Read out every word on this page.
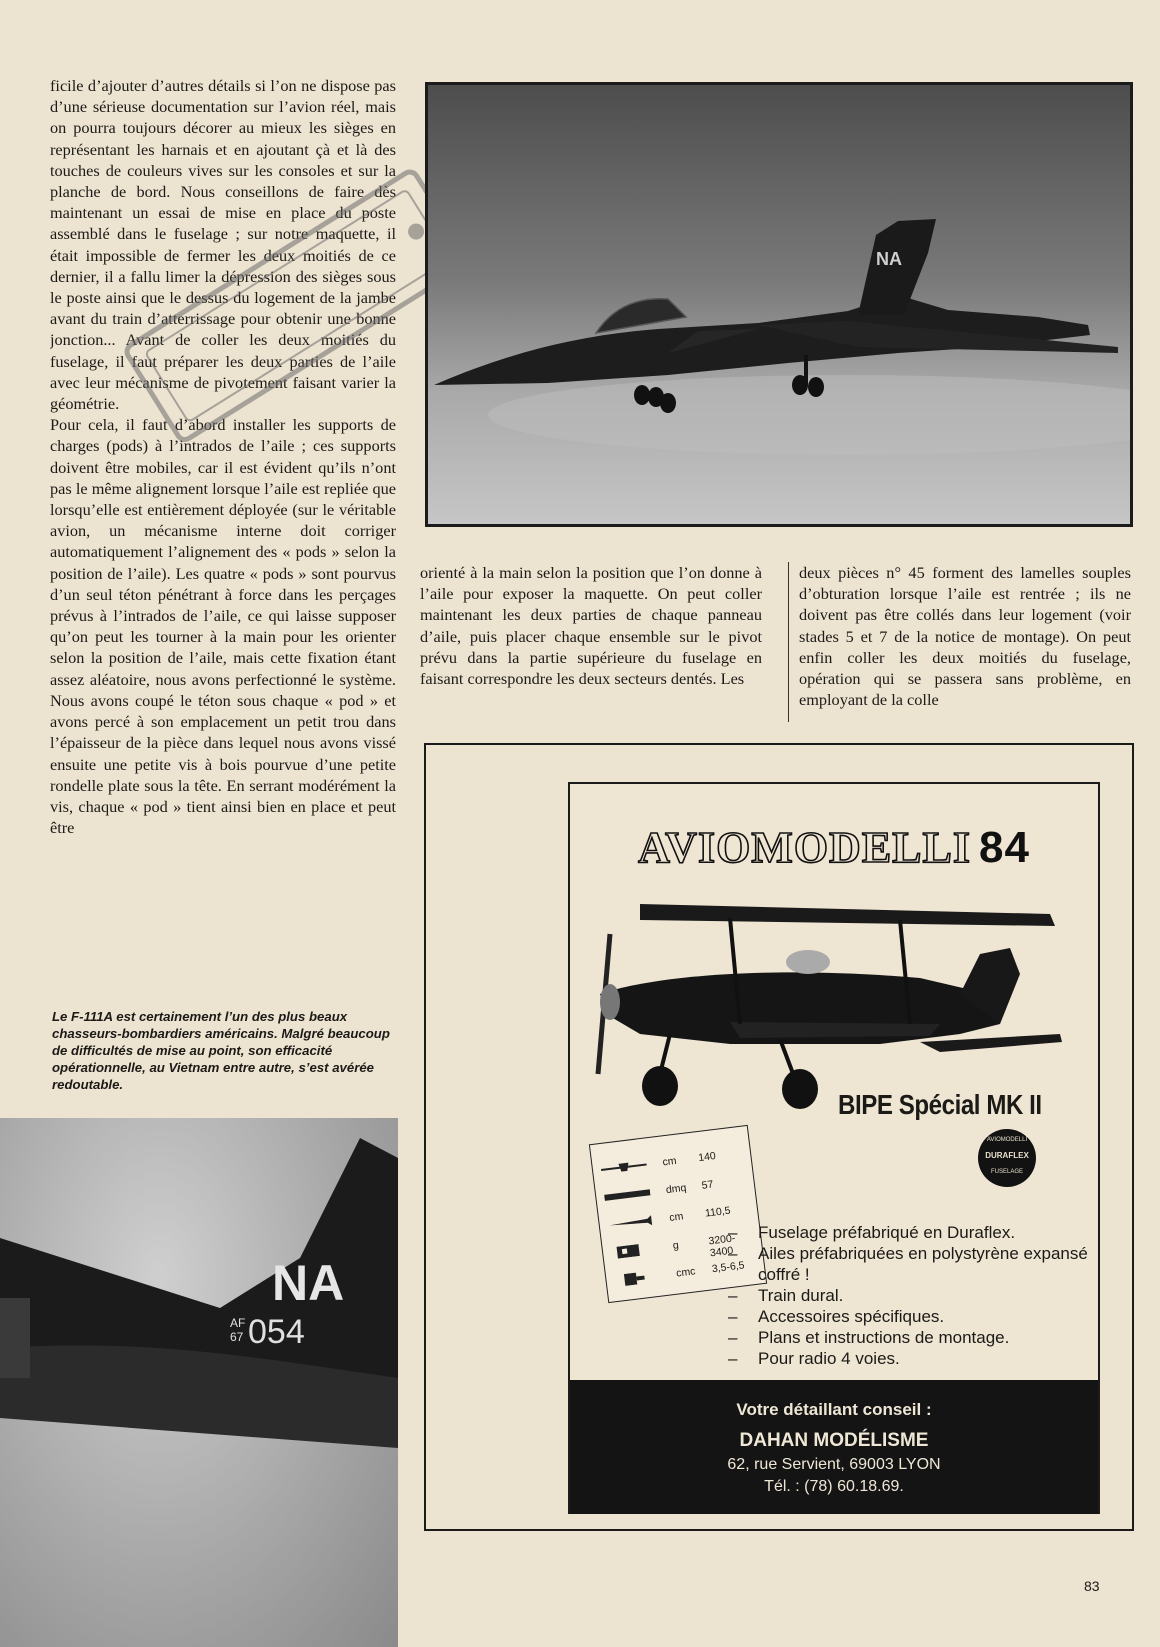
ficile d’ajouter d’autres détails si l’on ne dispose pas d’une sérieuse documentation sur l’avion réel, mais on pourra toujours décorer au mieux les sièges en représentant les harnais et en ajoutant çà et là des touches de couleurs vives sur les consoles et sur la planche de bord. Nous conseillons de faire dès maintenant un essai de mise en place du poste assemblé dans le fuselage ; sur notre maquette, il était impossible de fermer les deux moitiés de ce dernier, il a fallu limer la dépression des sièges sous le poste ainsi que le dessus du logement de la jambe avant du train d’atterrissage pour obtenir une bonne jonction... Avant de coller les deux moitiés du fuselage, il faut préparer les deux parties de l’aile avec leur mécanisme de pivotement faisant varier la géométrie.

Pour cela, il faut d’abord installer les supports de charges (pods) à l’intrados de l’aile ; ces supports doivent être mobiles, car il est évident qu’ils n’ont pas le même alignement lorsque l’aile est repliée que lorsqu’elle est entièrement déployée (sur le véritable avion, un mécanisme interne doit corriger automatiquement l’alignement des « pods » selon la position de l’aile). Les quatre « pods » sont pourvus d’un seul téton pénétrant à force dans les perçages prévus à l’intrados de l’aile, ce qui laisse supposer qu’on peut les tourner à la main pour les orienter selon la position de l’aile, mais cette fixation étant assez aléatoire, nous avons perfectionné le système. Nous avons coupé le téton sous chaque « pod » et avons percé à son emplacement un petit trou dans l’épaisseur de la pièce dans lequel nous avons vissé ensuite une petite vis à bois pourvue d’une petite rondelle plate sous la tête. En serrant modérément la vis, chaque « pod » tient ainsi bien en place et peut être

NA

orienté à la main selon la position que l’on donne à l’aile pour exposer la maquette. On peut coller maintenant les deux parties de chaque panneau d’aile, puis placer chaque ensemble sur le pivot prévu dans la partie supérieure du fuselage en faisant correspondre les deux secteurs dentés. Les

deux pièces n° 45 forment des lamelles souples d’obturation lorsque l’aile est rentrée ; ils ne doivent pas être collés dans leur logement (voir stades 5 et 7 de la notice de montage). On peut enfin coller les deux moitiés du fuselage, opération qui se passera sans problème, en employant de la colle

Le F-111A est certainement l’un des plus beaux chasseurs-bombardiers américains. Malgré beaucoup de difficultés de mise au point, son efficacité opérationnelle, au Vietnam entre autre, s’est avérée redoutable.
NA
AF
67 054
AVIOMODELLI 84
BIPE Spécial MK II
cm 140
dmq 57
cm 110,5
g	3200-3400
cmc 3,5-6,5
AVIOMODELLI
DURAFLEX
FUSELAGE
– Fuselage préfabriqué en Duraflex.
– Ailes préfabriquées en polystyrène expansé coffré !
– Train dural.
– Accessoires spécifiques.
– Plans et instructions de montage.
– Pour radio 4 voies.
Votre détaillant conseil :
DAHAN MODÉLISME
62, rue Servient, 69003 LYON
Tél. : (78) 60.18.69.
83
